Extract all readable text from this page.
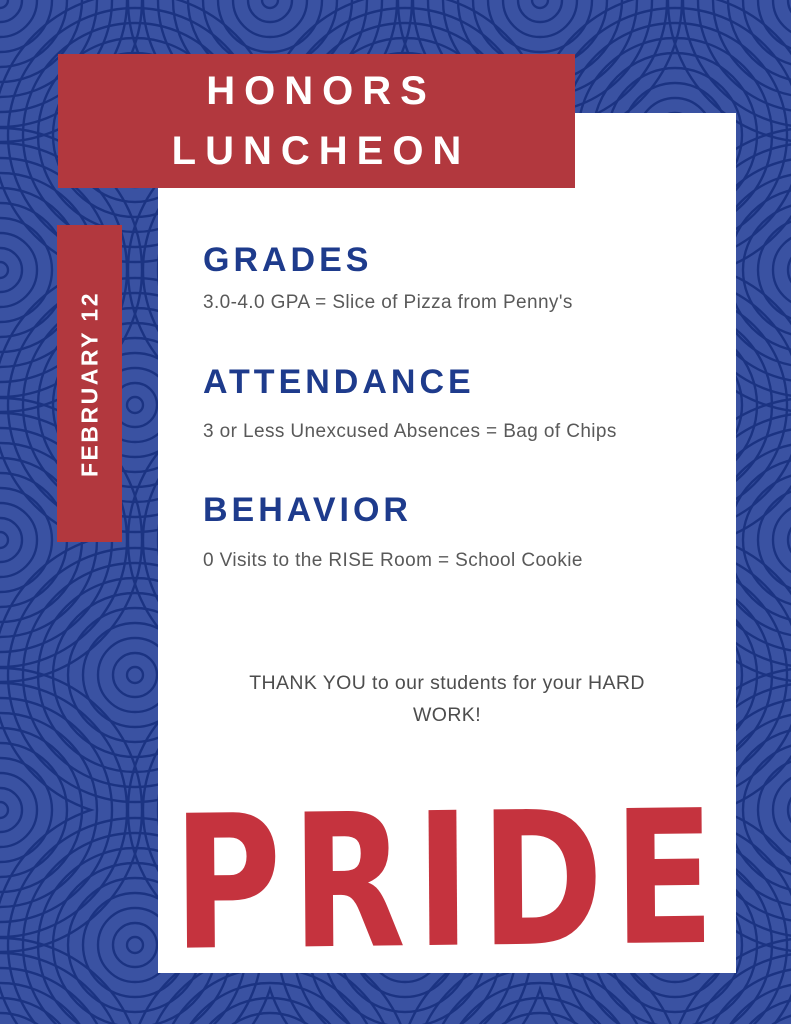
HONORS
LUNCHEON
FEBRUARY 12
GRADES
3.0-4.0 GPA = Slice of Pizza from Penny's
ATTENDANCE
3 or Less Unexcused Absences = Bag of Chips
BEHAVIOR
0 Visits to the RISE Room = School Cookie

THANK YOU to our students for your HARD WORK!

PRIDE
